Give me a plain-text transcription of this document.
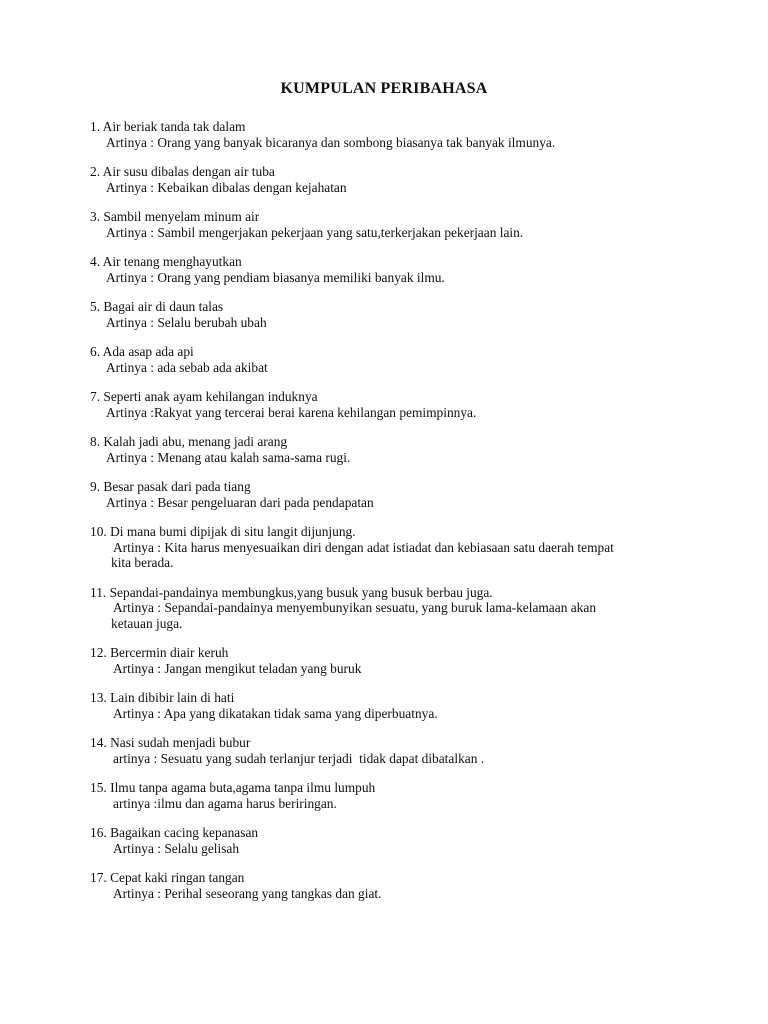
KUMPULAN PERIBAHASA
1. Air beriak tanda tak dalam
Artinya : Orang yang banyak bicaranya dan sombong biasanya tak banyak ilmunya.
2. Air susu dibalas dengan air tuba
Artinya : Kebaikan dibalas dengan kejahatan
3. Sambil menyelam minum air
Artinya : Sambil mengerjakan pekerjaan yang satu,terkerjakan pekerjaan lain.
4. Air tenang menghayutkan
Artinya : Orang yang pendiam biasanya memiliki banyak ilmu.
5. Bagai air di daun talas
Artinya : Selalu berubah ubah
6. Ada asap ada api
Artinya : ada sebab ada akibat
7. Seperti anak ayam kehilangan induknya
Artinya :Rakyat yang tercerai berai karena kehilangan pemimpinnya.
8. Kalah jadi abu, menang jadi arang
Artinya : Menang atau kalah sama-sama rugi.
9. Besar pasak dari pada tiang
Artinya : Besar pengeluaran dari pada pendapatan
10. Di mana bumi dipijak di situ langit dijunjung.
Artinya : Kita harus menyesuaikan diri dengan adat istiadat dan kebiasaan satu daerah tempat
kita berada.
11. Sepandai-pandainya membungkus,yang busuk yang busuk berbau juga.
Artinya : Sepandai-pandainya menyembunyikan sesuatu, yang buruk lama-kelamaan akan
ketauan juga.
12. Bercermin diair keruh
Artinya : Jangan mengikut teladan yang buruk
13. Lain dibibir lain di hati
Artinya : Apa yang dikatakan tidak sama yang diperbuatnya.
14. Nasi sudah menjadi bubur
artinya : Sesuatu yang sudah terlanjur terjadi  tidak dapat dibatalkan .
15. Ilmu tanpa agama buta,agama tanpa ilmu lumpuh
artinya :ilmu dan agama harus beriringan.
16. Bagaikan cacing kepanasan
Artinya : Selalu gelisah
17. Cepat kaki ringan tangan
Artinya : Perihal seseorang yang tangkas dan giat.
